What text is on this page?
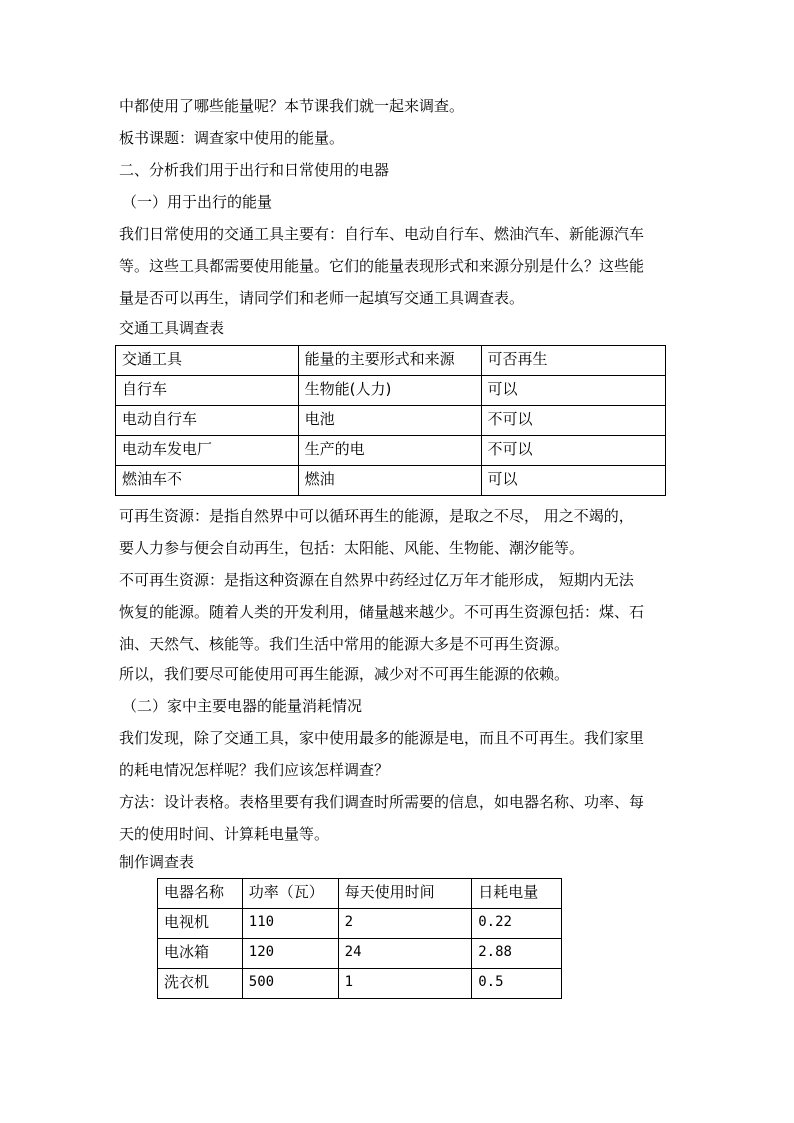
中都使用了哪些能量呢？本节课我们就一起来调查。
板书课题：调查家中使用的能量。
二、分析我们用于出行和日常使用的电器
（一）用于出行的能量
我们日常使用的交通工具主要有：自行车、电动自行车、燃油汽车、新能源汽车
等。这些工具都需要使用能量。它们的能量表现形式和来源分别是什么？这些能
量是否可以再生，请同学们和老师一起填写交通工具调查表。
交通工具调查表
交通工具	能量的主要形式和来源	可否再生
自行车	生物能(人力)	可以
电动自行车	电池	不可以
电动车发电厂	生产的电	不可以
燃油车不	燃油	可以
可再生资源：是指自然界中可以循环再生的能源，是取之不尽， 用之不竭的，
要人力参与便会自动再生，包括：太阳能、风能、生物能、潮汐能等。
不可再生资源：是指这种资源在自然界中药经过亿万年才能形成， 短期内无法
恢复的能源。随着人类的开发利用，储量越来越少。不可再生资源包括：煤、石
油、天然气、核能等。我们生活中常用的能源大多是不可再生资源。
所以，我们要尽可能使用可再生能源，减少对不可再生能源的依赖。
（二）家中主要电器的能量消耗情况
我们发现，除了交通工具，家中使用最多的能源是电，而且不可再生。我们家里
的耗电情况怎样呢？我们应该怎样调查？
方法：设计表格。表格里要有我们调查时所需要的信息，如电器名称、功率、每
天的使用时间、计算耗电量等。
制作调查表
电器名称	功率（瓦）	每天使用时间	日耗电量
电视机	110	2	0.22
电冰箱	120	24	2.88
洗衣机	500	1	0.5
